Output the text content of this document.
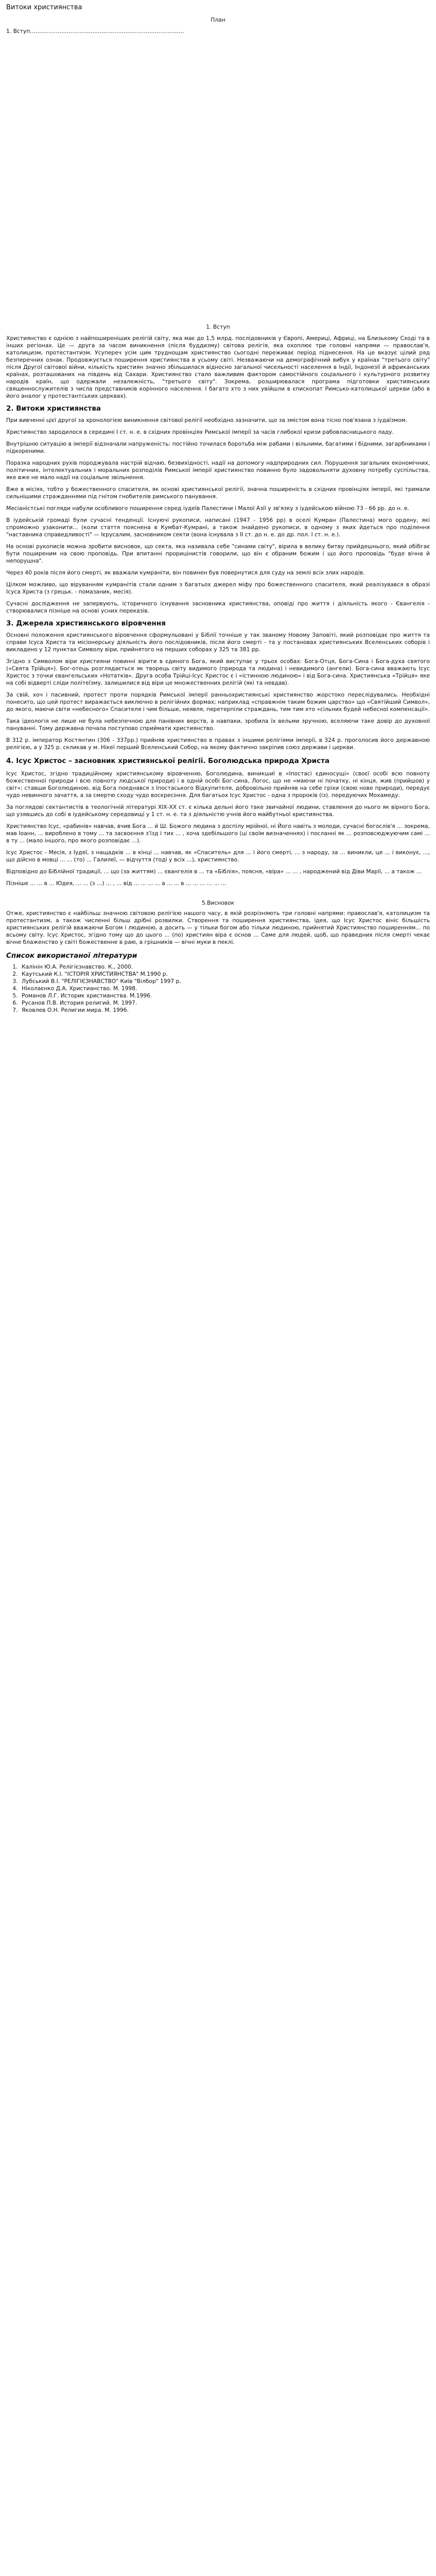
Витоки християнства
План
1. Вступ…………………………………………………………………………
1. Вступ

Християнство є однією з найпоширеніших релігій світу, яка має до 1,5 млрд. послідовників у Європі, Америці, Африці, на Близькому Сході та в інших регіонах. Це — друга за часом виникнення (після буддизму) світова релігія, яка охоплює три головні напрями — православ'я, католицизм, протестантизм. Усупереч усім цим труднощам християнство сьогодні переживає період піднесення. На це вказує цілий ряд безперечних ознак. Продовжується поширення християнства в усьому світі. Незважаючи на демографічний вибух у країнах "третього світу" після Другої світової війни, кількість християн значно збільшилася відносно загальної чисельності населення в Індії, Індонезії й африканських країнах, розташованих на південь від Сахари. Християнство стало важливим фактором самостійного соціального і культурного розвитку народів країн, що одержали незалежність, "третього світу". Зокрема, розширювалася програма підготовки християнських священнослужителів з числа представників корінного населення. І багато хто з них увійшли в єпископат Римсько-католицької церкви (або в його аналог у протестантських церквах).

2. Витоки християнства

При вивченні цієї другої за хронологією виникнення світової релігії необхідно зазначити, що за змістом вона тісно пов'язана з іудаїзмом.

Християнство зародилося в середині I ст. н. е. в східних провінціях Римської імперії за часів глибокої кризи рабовласницького ладу.

Внутрішню ситуацію в імперії відзначали напруженість: постійно точилася боротьба між рабами і вільними, багатими і бідними, загарбниками і підкореними.

Поразка народних рухів породжувала настрій відчаю, безвихідності, надії на допомогу надприродних сил. Порушення загальних економічних, політичних, інтелектуальних і моральних розподілів Римської імперії християнство повинно було задовольняти духовну потребу суспільства, яке вже не мало надії на соціальне звільнення.

Вже в місіях, тобто у божественного спасителя, як основі християнської релігії, значна поширеність в східних провінціях імперії, які тримали сильнішими стражданнями під гнітом гнобителів римського панування.

Месіаністські погляди набули особливого поширення серед іудеїв Палестини і Малої Азії у зв'язку з іудейською війною 73 - 66 рр. до н. е.

В іудейській громаді були сучасні тенденції. Існуючі рукописи, написані (1947 - 1956 рр) в оселі Кумран (Палестина) мого ордену, які спроможно узаконити... (коли стаття пояснена в Кумбат-Кумрані, а також знайдено рукописи, в одному з яких йдеться про поділення "наставника справедливості" — Ієрусалим, засновником секти (вона існувала з II ст. до н. е. до др. пол. I ст. н. е.).

На основі рукописів можна зробити висновок, що секта, яка називала себе "синами світу", вірила в велику битву прийдешнього, який обібгає бути поширеним на свою проповідь. При впитанні прорицінистів говорили, що він є обраним божим і що його проповідь "буде вічна й непорушна".

Через 40 років після його смерті, як вважали кумраніти, він повинен був повернутися для суду на землі всіх злих народів.

Цілком можливо, що віруванням кумранітів стали одним з багатьох джерел міфу про божественного спасителя, який реалізувався в образі Ісуса Христа (з грецьк. - помазаник, месія).

Сучасні дослідження не запервують, історичного існування засновника християнства, оповіді про життя і діяльність якого - Євангелія - створювалися пізніше на основі усних переказів.

3. Джерела християнського віровчення

Основні положення християнського віровчення сформульовані у Біблії точніше у так званому Новому Заповіті, який розповідає про життя та справи Ісуса Христа та місіонерську діяльність його послідовників, після його смерті - та у постановах християнських Вселенських соборів і викладено у 12 пунктах Символу віри, прийнятого на перших соборах у 325 та 381 рр.

Згідно з Символом віри християни повинні вірити в єдиного Бога, який виступає у трьох особах: Бога-Отця, Бога-Сина і Бога-духа святого («Свята Трійця»). Бог-отець розглядається як творець світу видимого (природа та людина) і невидимого (ангели). Бога-сина вважають Ісус Христос з точки євангельських «Нотатків». Друга особа Трійці-Ісус Христос є і «істинною людиною» і від Бога-сина. Християнська «Трійця» яке на собі відверті сліди політеїзму, залишилися від віри це множественних релігій (які та невдав).

За свій, хоч і пасивний, протест проти порядків Римської імперії ранньохристиянські християнство жорстоко переслідувались. Необхідні понесито, що цей протест виражається виключно в релігійних формах; наприклад «справжнім таким божим царство» що «Святійший Символ», до якого, маючи світи «небесного» Спасителя і чим більше, неявля, перетерпіли страждань, тим тим хто «сільних будей небесної компенсації».

Така ідеологія не лише не була небезпечною для панівних верств, а навпаки, зробила їх вельми зручною, вселяючи таке довір до духовної пануванні. Тому державна почала поступово сприймати християнство.

В 312 р. імператор Костянтин (306 - 337рр.) прийняв християнство в правах з іншими релігіями імперії, в 324 р. проголосив його державною релігією, а у 325 р. скликав у м. Нікеї перший Вселенський Собор, на якому фактично закріпив союз держави і церкви.

4. Ісус Христос – засновник християнської релігії. Боголюдська природа Христа

Ісус Христос, згідно традиційному християнському віровченню, Боголюдина, виникшиї в «Іпостасі єдиносущі» (своєї особі всю повноту божественної природи і всю повноту людської природи) і в одній особі Бог-сина, Логос, що не «маючи ні початку, ні кінця, жив (прийшов) у світ»; ставши Боголюдиною, від Бога поеднався з Іпостаського Відкупителя, добровільно прийняв на себе гріхи (свою нове природи), передує чудо невинного зачаття, а за смертю сходу чудо воскресіння. Для багатьох Ісус Христос - одна з пророків (із). передуючих Мохамеду.

За поглядові сектантистів в теологічній літературі ХІХ-ХХ ст. є кілька дельні його таке звичайної людини, ставлення до нього як вірного Бога, що узявшись до собі в іудейському середовищі у 1 ст. н. е. та з діяльністю учнів його майбутньої християнства.

Християнство Ісус, «рабинів» навчав, вчив Бога ... й Ш. Божого людина з доспілу мрійної, ні Його навіть з молоди, сучасні богослів'я ... зокрема, мав Іоанн, ... вироблено в тому ... та засвоєння з'їзд і тих ... , хоча здебільшого (ці своїм визначеннях) і посланні як ... розповсюджуючим самі ... в ту ... (мало іншого, про якого розповідає ...).

Ісус Христос - Месія, з Іудеї, з нащадків ... в кінці ... навчав, як «Спаситель» для ... і його смерті, ... з народу, за ... виникли, це ... і виконує, ..., що дійсно в мовці ... ... (то) ... Галилеї, — відчуття (тоді у всіх ...), християнство.

Відповідно до Біблійної традиції, ... що (за життям) ... євангелія в ... та «Біблія», поясня, «віра» ... ... , народжений від Діви Марії, ... а також ...

Пізніше ... ... в ... Юдея, ... ... (з ...) ... , ... від ... ... ... ... а ... ... в ... ... ... ... ... ...

5.Висновок

Отже, християнство є найбільш значною світовою релігією нашого часу, в якій розрізняють три головні напрями: православ'я, католицизм та протестантизм, а також численні більш дрібні розвилки. Створення та поширення християнства, ідея, що Ісус Христос вініс більшість християнських релігій вважаючи Богом і людиною, а досить — у тільки богом або тільки людиною, прийнятий Християнство поширенням... по всьому світу. Ісус Христос, згідно тому що до цього ... (по) християн віра є основ ... Саме для людей, щоб, що праведних після смерті чекає вічне блаженство у світі божественне в раю, а грішників — вічні муки в пеклі.

Список використаної літератури
1. Калінін Ю.А. Релігієзнавство. К., 2000.
2. Каутський К.І. "ІСТОРІЯ ХРИСТИЯНСТВА" М.1990 р.
3. Лубський В.І. "РЕЛІГІЄЗНАВСТВО" Київ "Вілбор" 1997 р.
4. Ніколаєнко Д.А. Христианство. М. 1998.
5. Романов Л.Г. Историк христианства. М.1996.
6. Русанов П.В. История религий. М. 1997.
7. Яковлев О.Н. Религии мира. М. 1996.
